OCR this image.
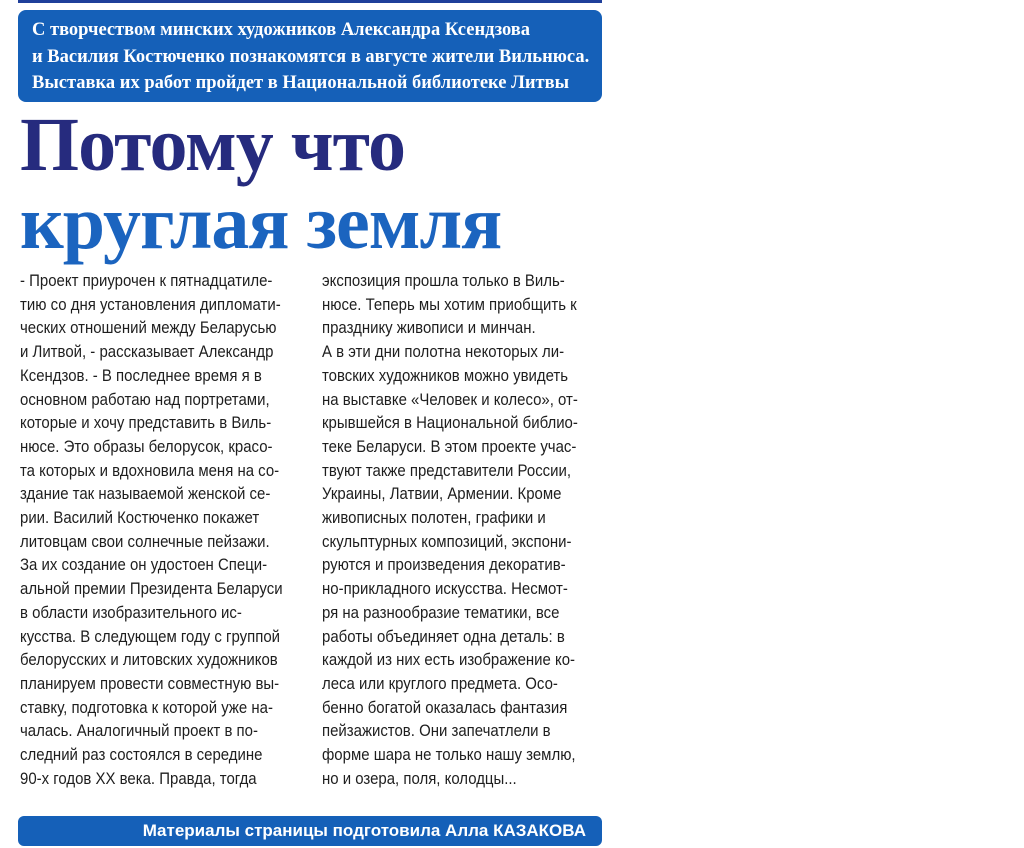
С творчеством минских художников Александра Ксендзова
и Василия Костюченко познакомятся в августе жители Вильнюса.
Выставка их работ пройдет в Национальной библиотеке Литвы
Потому что
круглая земля
- Проект приурочен к пятнадцатиле-
тию со дня установления дипломати-
ческих отношений между Беларусью
и Литвой, - рассказывает Александр
Ксендзов. - В последнее время я в
основном работаю над портретами,
которые и хочу представить в Виль-
нюсе. Это образы белорусок, красо-
та которых и вдохновила меня на со-
здание так называемой женской се-
рии. Василий Костюченко покажет
литовцам свои солнечные пейзажи.
За их создание он удостоен Специ-
альной премии Президента Беларуси
в области изобразительного ис-
кусства. В следующем году с группой
белорусских и литовских художников
планируем провести совместную вы-
ставку, подготовка к которой уже на-
чалась. Аналогичный проект в по-
следний раз состоялся в середине
90-х годов XX века. Правда, тогда
экспозиция прошла только в Виль-
нюсе. Теперь мы хотим приобщить к
празднику живописи и минчан.
А в эти дни полотна некоторых ли-
товских художников можно увидеть
на выставке «Человек и колесо», от-
крывшейся в Национальной библио-
теке Беларуси. В этом проекте учас-
твуют также представители России,
Украины, Латвии, Армении. Кроме
живописных полотен, графики и
скульптурных композиций, экспони-
руются и произведения декоратив-
но-прикладного искусства. Несмот-
ря на разнообразие тематики, все
работы объединяет одна деталь: в
каждой из них есть изображение ко-
леса или круглого предмета. Осо-
бенно богатой оказалась фантазия
пейзажистов. Они запечатлели в
форме шара не только нашу землю,
но и озера, поля, колодцы...
Материалы страницы подготовила Алла КАЗАКОВА
